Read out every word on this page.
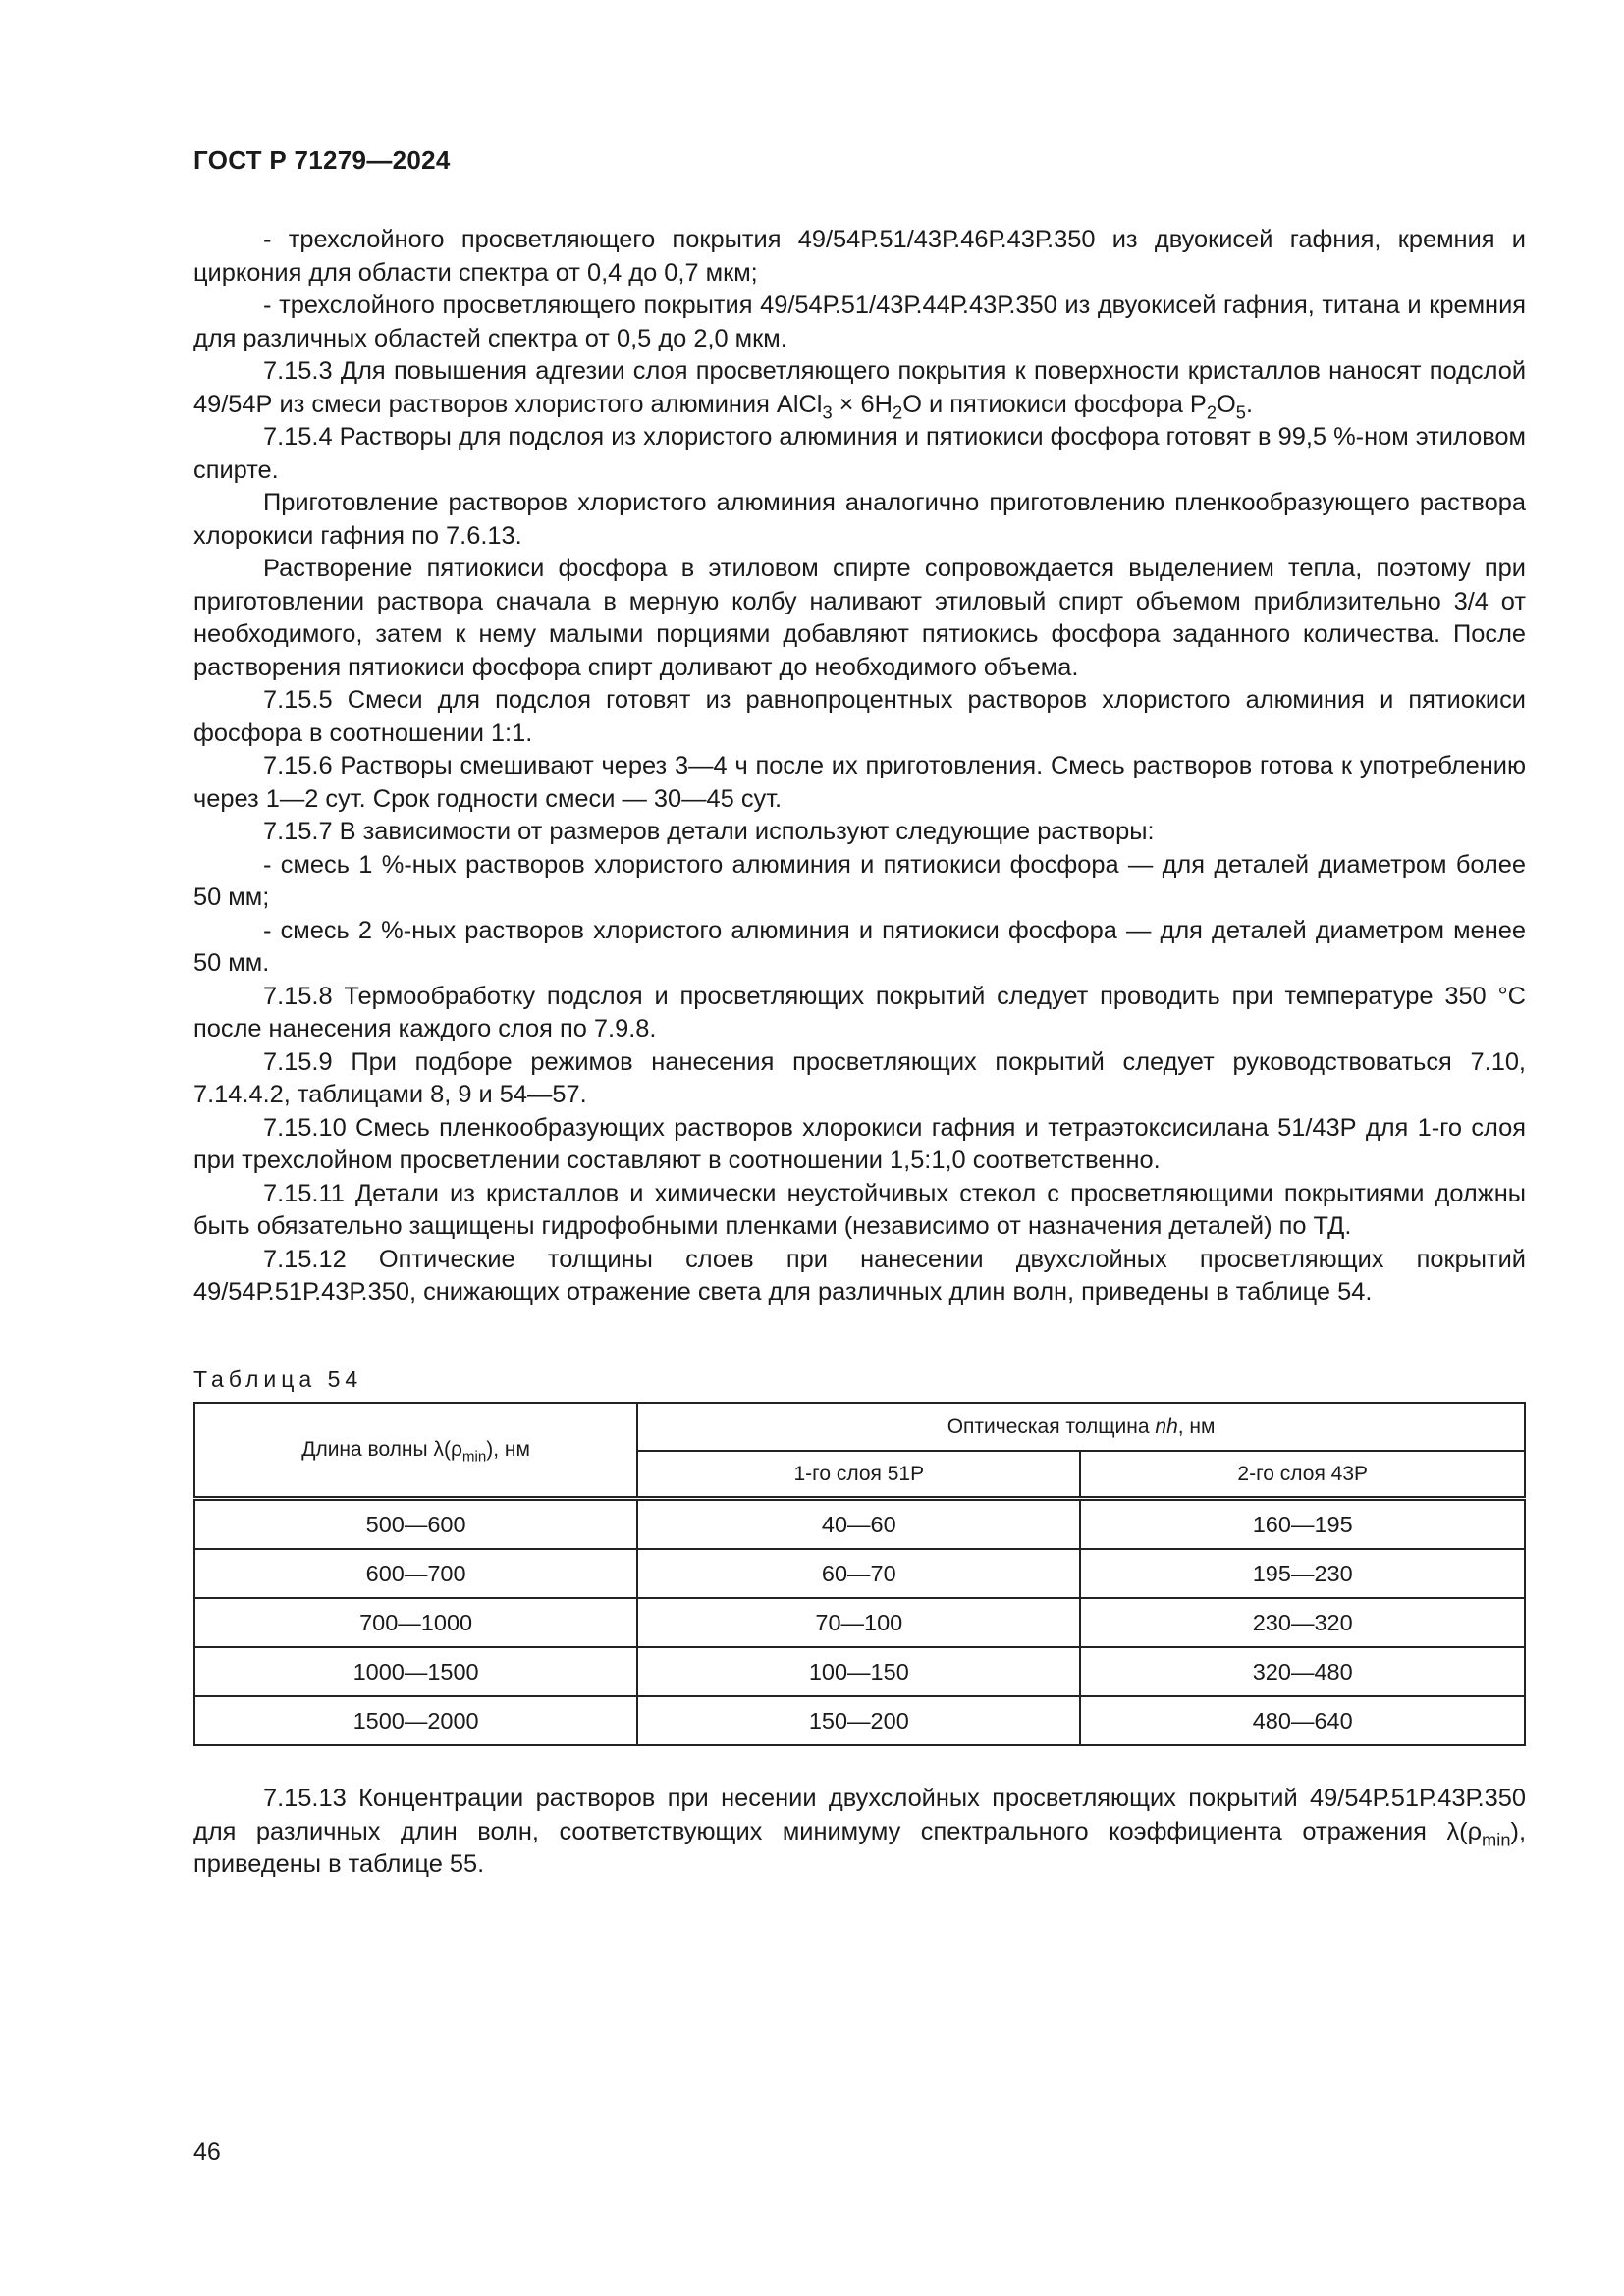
ГОСТ Р 71279—2024

- трехслойного просветляющего покрытия 49/54Р.51/43Р.46Р.43Р.350 из двуокисей гафния, кремния и циркония для области спектра от 0,4 до 0,7 мкм;

- трехслойного просветляющего покрытия 49/54Р.51/43Р.44Р.43Р.350 из двуокисей гафния, титана и кремния для различных областей спектра от 0,5 до 2,0 мкм.

7.15.3 Для повышения адгезии слоя просветляющего покрытия к поверхности кристаллов наносят подслой 49/54Р из смеси растворов хлористого алюминия AlCl$_3$ × $6H_2O$ и пятиокиси фосфора $P_2O_5$.

7.15.4 Растворы для подслоя из хлористого алюминия и пятиокиси фосфора готовят в 99,5 %-ном этиловом спирте.

Приготовление растворов хлористого алюминия аналогично приготовлению пленкообразующего раствора хлорокиси гафния по 7.6.13.

Растворение пятиокиси фосфора в этиловом спирте сопровождается выделением тепла, поэтому при приготовлении раствора сначала в мерную колбу наливают этиловый спирт объемом приблизительно 3/4 от необходимого, затем к нему малыми порциями добавляют пятиокись фосфора заданного количества. После растворения пятиокиси фосфора спирт доливают до необходимого объема.

7.15.5 Смеси для подслоя готовят из равнопроцентных растворов хлористого алюминия и пятиокиси фосфора в соотношении 1:1.

7.15.6 Растворы смешивают через 3—4 ч после их приготовления. Смесь растворов готова к употреблению через 1—2 сут. Срок годности смеси — 30—45 сут.

7.15.7 В зависимости от размеров детали используют следующие растворы:

- смесь 1 %-ных растворов хлористого алюминия и пятиокиси фосфора — для деталей диаметром более 50 мм;

- смесь 2 %-ных растворов хлористого алюминия и пятиокиси фосфора — для деталей диаметром менее 50 мм.

7.15.8 Термообработку подслоя и просветляющих покрытий следует проводить при температуре 350 °С после нанесения каждого слоя по 7.9.8.

7.15.9 При подборе режимов нанесения просветляющих покрытий следует руководствоваться 7.10, 7.14.4.2, таблицами 8, 9 и 54—57.

7.15.10 Смесь пленкообразующих растворов хлорокиси гафния и тетраэтоксисилана 51/43Р для 1-го слоя при трехслойном просветлении составляют в соотношении 1,5:1,0 соответственно.

7.15.11 Детали из кристаллов и химически неустойчивых стекол с просветляющими покрытиями должны быть обязательно защищены гидрофобными пленками (независимо от назначения деталей) по ТД.

7.15.12 Оптические толщины слоев при нанесении двухслойных просветляющих покрытий 49/54Р.51Р.43Р.350, снижающих отражение света для различных длин волн, приведены в таблице 54.

Таблица 54
Длина волны $\lambda(\rho_{min})$, нм	Оптическая толщина nh, нм	
	1-го слоя 51Р	2-го слоя 43Р
500—600	40—60	160—195
600—700	60—70	195—230
700—1000	70—100	230—320
1000—1500	100—150	320—480
1500—2000	150—200	480—640

7.15.13 Концентрации растворов при несении двухслойных просветляющих покрытий 49/54Р.51Р.43Р.350 для различных длин волн, соответствующих минимуму спектрального коэффициента отражения $\lambda(\rho_{min})$, приведены в таблице 55.

46
